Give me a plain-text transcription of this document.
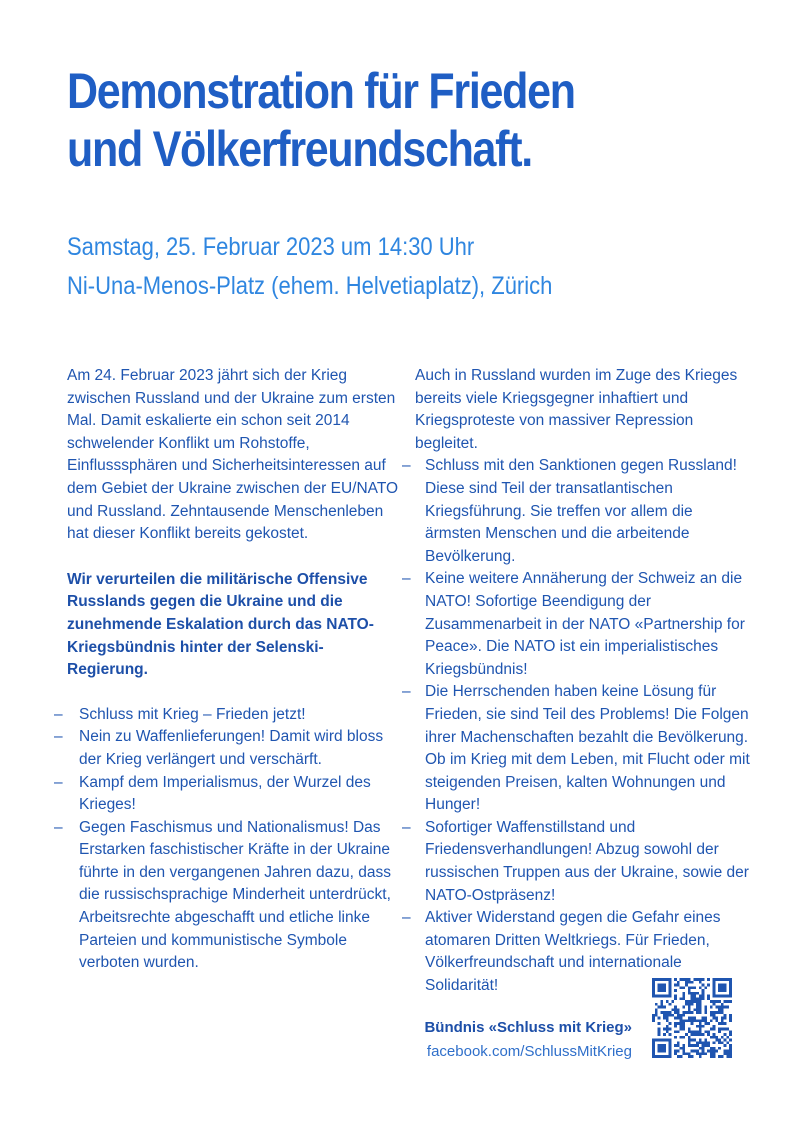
Demonstration für Frieden
und Völkerfreundschaft.
Samstag, 25. Februar 2023 um 14:30 Uhr
Ni-Una-Menos-Platz (ehem. Helvetiaplatz), Zürich

Am 24. Februar 2023 jährt sich der Krieg zwischen Russland und der Ukraine zum ersten Mal. Damit eskalierte ein schon seit 2014 schwelender Konflikt um Rohstoffe, Einflusssphären und Sicherheitsinteressen auf dem Gebiet der Ukraine zwischen der EU/NATO und Russland. Zehntausende Menschenleben hat dieser Konflikt bereits gekostet.

Wir verurteilen die militärische Offensive Russlands gegen die Ukraine und die zunehmende Eskalation durch das NATO-Kriegsbündnis hinter der Selenski-Regierung.

– Schluss mit Krieg – Frieden jetzt!
– Nein zu Waffenlieferungen! Damit wird bloss der Krieg verlängert und verschärft.
– Kampf dem Imperialismus, der Wurzel des Krieges!
– Gegen Faschismus und Nationalismus! Das Erstarken faschistischer Kräfte in der Ukraine führte in den vergangenen Jahren dazu, dass die russischsprachige Minderheit unterdrückt, Arbeitsrechte abgeschafft und etliche linke Parteien und kommunistische Symbole verboten wurden.

Auch in Russland wurden im Zuge des Krieges bereits viele Kriegsgegner inhaftiert und Kriegsproteste von massiver Repression begleitet.

– Schluss mit den Sanktionen gegen Russland! Diese sind Teil der transatlantischen Kriegsführung. Sie treffen vor allem die ärmsten Menschen und die arbeitende Bevölkerung.
– Keine weitere Annäherung der Schweiz an die NATO! Sofortige Beendigung der Zusammenarbeit in der NATO «Partnership for Peace». Die NATO ist ein imperialistisches Kriegsbündnis!
– Die Herrschenden haben keine Lösung für Frieden, sie sind Teil des Problems! Die Folgen ihrer Machenschaften bezahlt die Bevölkerung. Ob im Krieg mit dem Leben, mit Flucht oder mit steigenden Preisen, kalten Wohnungen und Hunger!
– Sofortiger Waffenstillstand und Friedensverhandlungen! Abzug sowohl der russischen Truppen aus der Ukraine, sowie der NATO-Ostpräsenz!
– Aktiver Widerstand gegen die Gefahr eines atomaren Dritten Weltkriegs. Für Frieden, Völkerfreundschaft und internationale Solidarität!
Bündnis «Schluss mit Krieg»
facebook.com/SchlussMitKrieg
